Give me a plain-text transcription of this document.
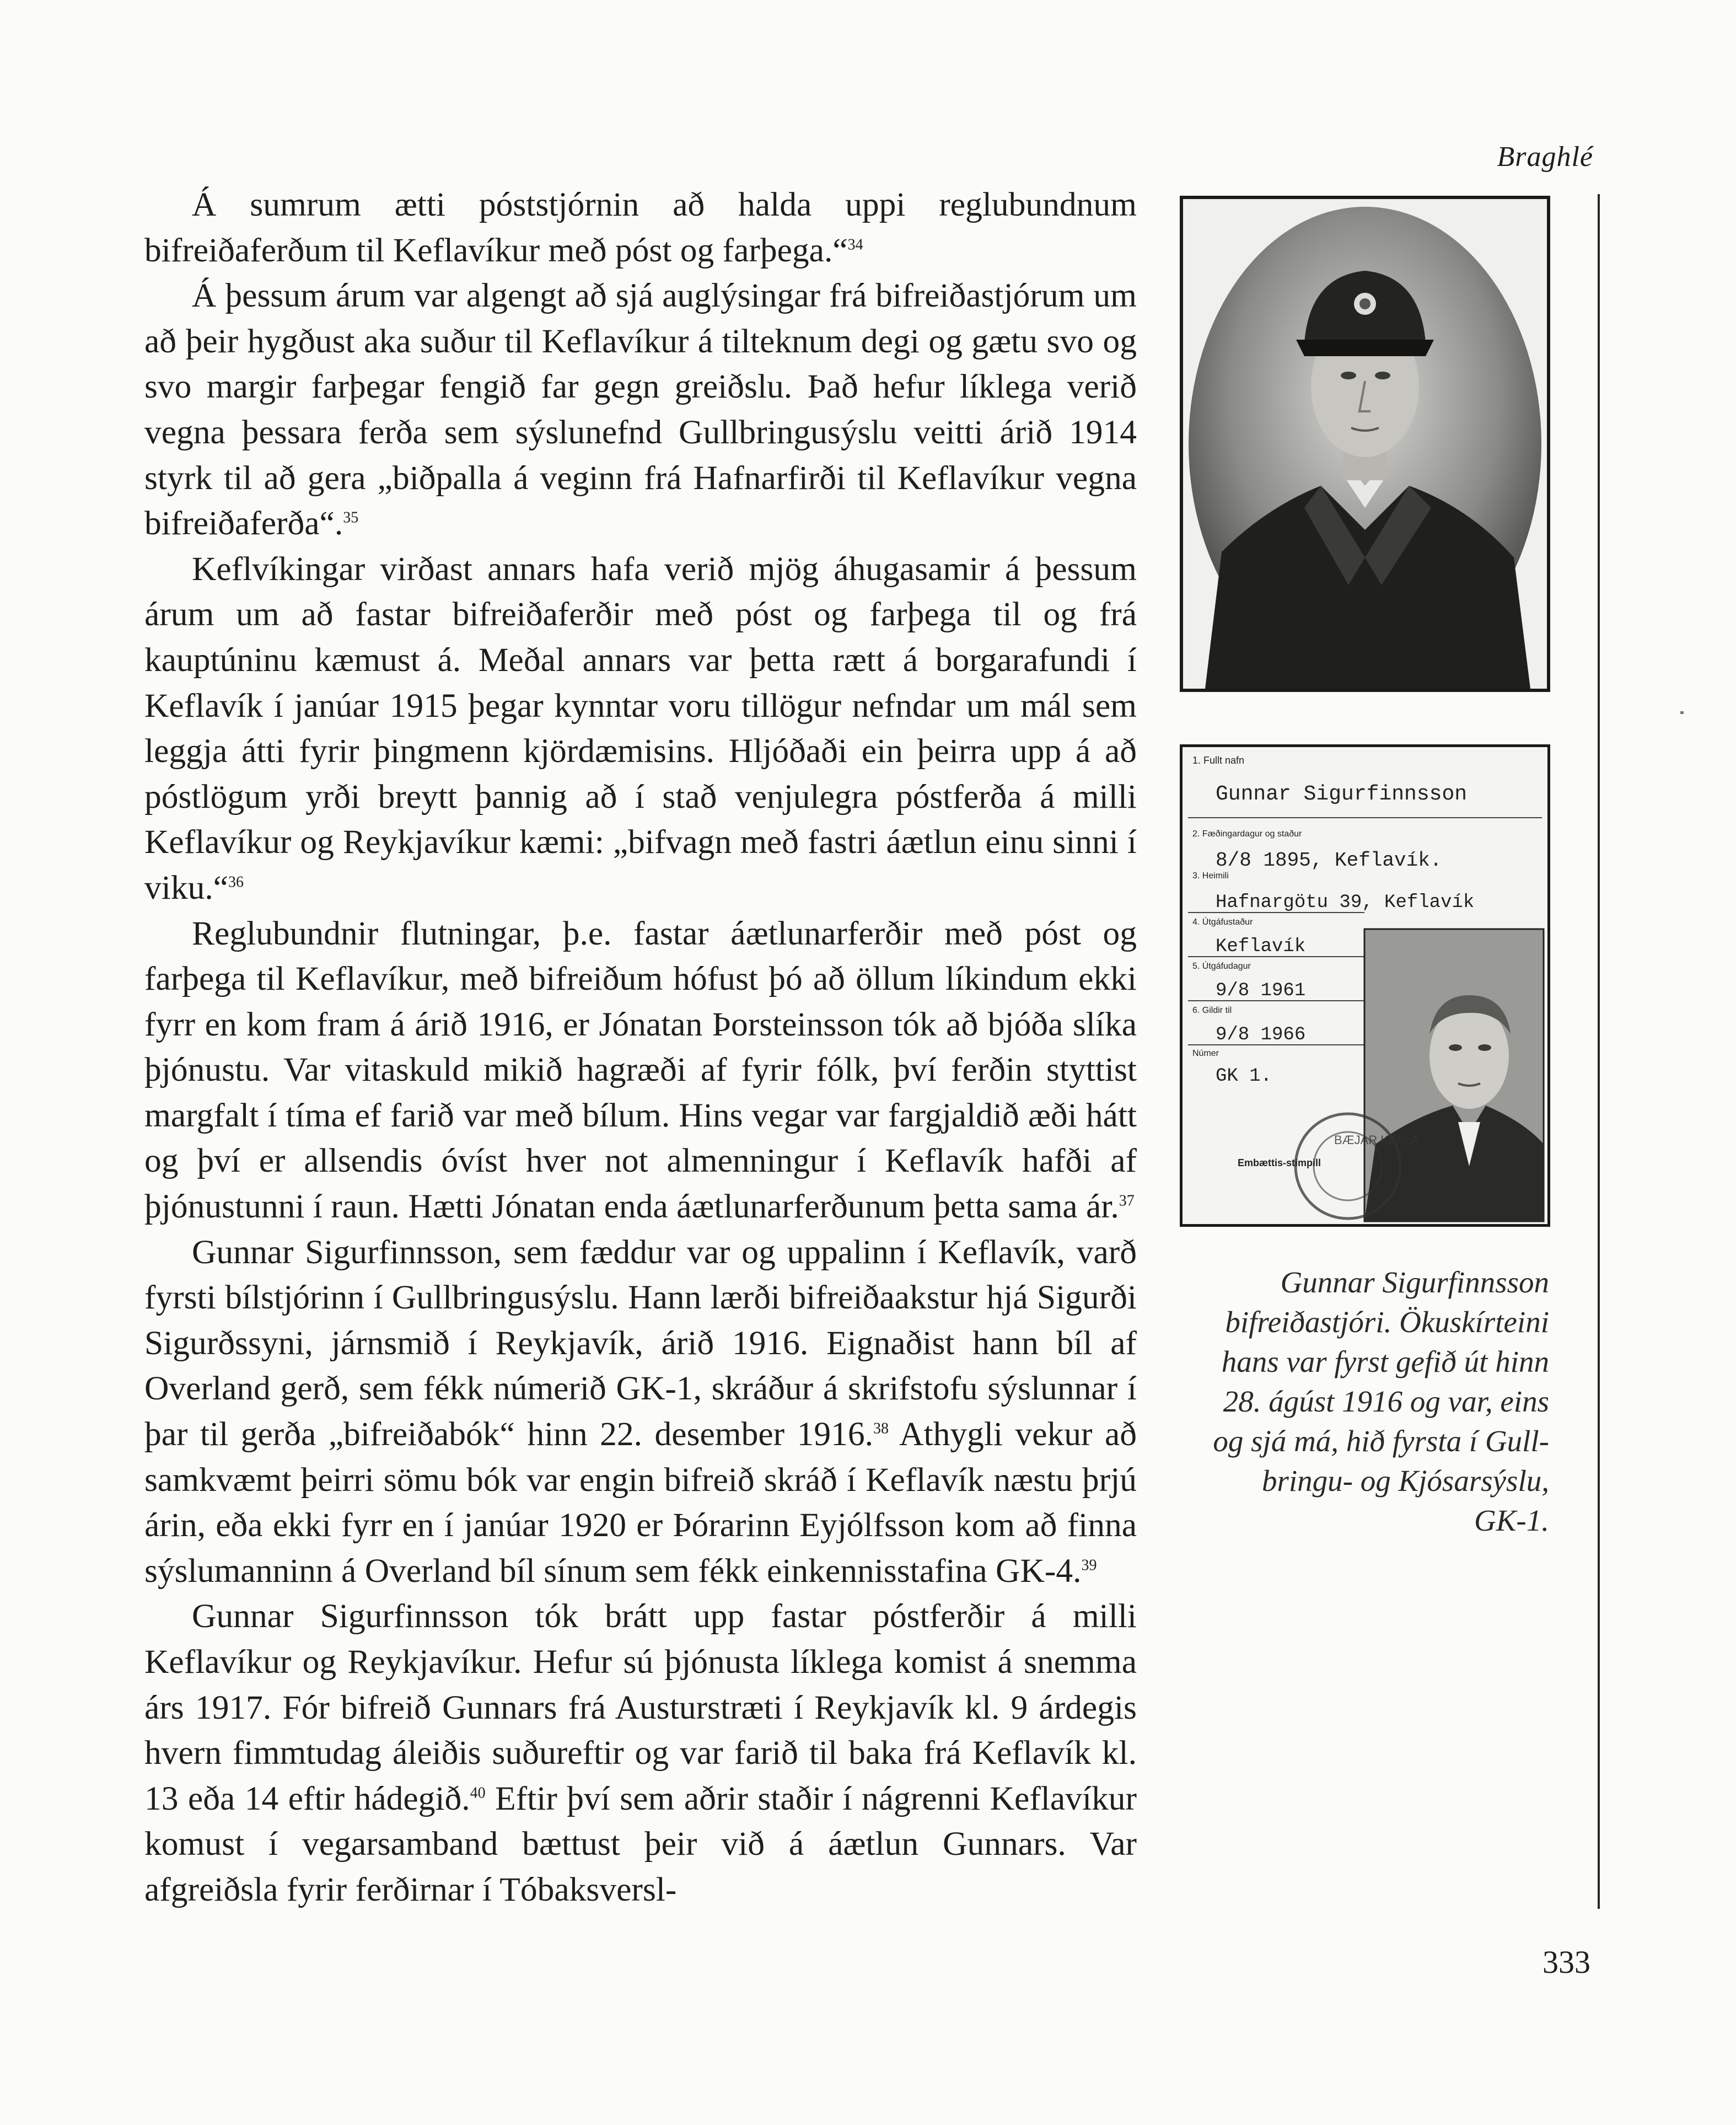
Braghlé

Á sumrum ætti póststjórnin að halda uppi reglubundnum bifreiðaferðum til Keflavíkur með póst og farþega.“$^{34}$

Á þessum árum var algengt að sjá auglýsingar frá bifreiðastjórum um að þeir hygðust aka suður til Keflavíkur á tilteknum degi og gætu svo og svo margir farþegar fengið far gegn greiðslu. Það hefur líklega verið vegna þessara ferða sem sýslunefnd Gullbringusýslu veitti árið 1914 styrk til að gera „biðpalla á veginn frá Hafnarfirði til Keflavíkur vegna bifreiðaferða“.$^{35}$

Keflvíkingar virðast annars hafa verið mjög áhugasamir á þessum árum um að fastar bifreiðaferðir með póst og farþega til og frá kauptúninu kæmust á. Meðal annars var þetta rætt á borgarafundi í Keflavík í janúar 1915 þegar kynntar voru tillögur nefndar um mál sem leggja átti fyrir þingmenn kjördæmisins. Hljóðaði ein þeirra upp á að póstlögum yrði breytt þannig að í stað venjulegra póstferða á milli Keflavíkur og Reykjavíkur kæmi: „bifvagn með fastri áætlun einu sinni í viku.“$^{36}$

Reglubundnir flutningar, þ.e. fastar áætlunarferðir með póst og farþega til Keflavíkur, með bifreiðum hófust þó að öllum líkindum ekki fyrr en kom fram á árið 1916, er Jónatan Þorsteinsson tók að bjóða slíka þjónustu. Var vitaskuld mikið hagræði af fyrir fólk, því ferðin styttist margfalt í tíma ef farið var með bílum. Hins vegar var fargjaldið æði hátt og því er allsendis óvíst hver not almenningur í Keflavík hafði af þjónustunni í raun. Hætti Jónatan enda áætlunarferðunum þetta sama ár.$^{37}$

Gunnar Sigurfinnsson, sem fæddur var og uppalinn í Keflavík, varð fyrsti bílstjórinn í Gullbringusýslu. Hann lærði bifreiðaakstur hjá Sigurði Sigurðssyni, járnsmið í Reykjavík, árið 1916. Eignaðist hann bíl af Overland gerð, sem fékk númerið GK-1, skráður á skrifstofu sýslunnar í þar til gerða „bifreiðabók“ hinn 22. desember 1916.38 Athygli vekur að samkvæmt þeirri sömu bók var engin bifreið skráð í Keflavík næstu þrjú árin, eða ekki fyrr en í janúar 1920 er Þórarinn Eyjólfsson kom að finna sýslumanninn á Overland bíl sínum sem fékk einkennisstafina GK-4.39

Gunnar Sigurfinnsson tók brátt upp fastar póstferðir á milli Keflavíkur og Reykjavíkur. Hefur sú þjónusta líklega komist á snemma árs 1917. Fór bifreið Gunnars frá Austurstræti í Reykjavík kl. 9 árdegis hvern fimmtudag áleiðis suðureftir og var farið til baka frá Keflavík kl. 13 eða 14 eftir hádegið.$^{40}$ Eftir því sem aðrir staðir í nágrenni Keflavíkur komust í vegarsamband bættust þeir við á áætlun Gunnars. Var afgreiðsla fyrir ferðirnar í Tóbaksversl-

1. Fullt nafn
Gunnar Sigurfinnsson
2. Fæðingardagur og staður
8/8 1895, Keflavík.
3. Heimili
Hafnargötu 39, Keflavík
4. Útgáfustaður
Keflavík
5. Útgáfudagur
9/8 1961
6. Gildir til
9/8 1966
Númer
GK 1.
BÆJAR KEFLA
Embættis-stimpill
Gunnar Sigurfinnsson
bifreiðastjóri. Ökuskírteini
hans var fyrst gefið út hinn
28. ágúst 1916 og var, eins
og sjá má, hið fyrsta í Gull-
bringu- og Kjósarsýslu,
GK-1.
333
